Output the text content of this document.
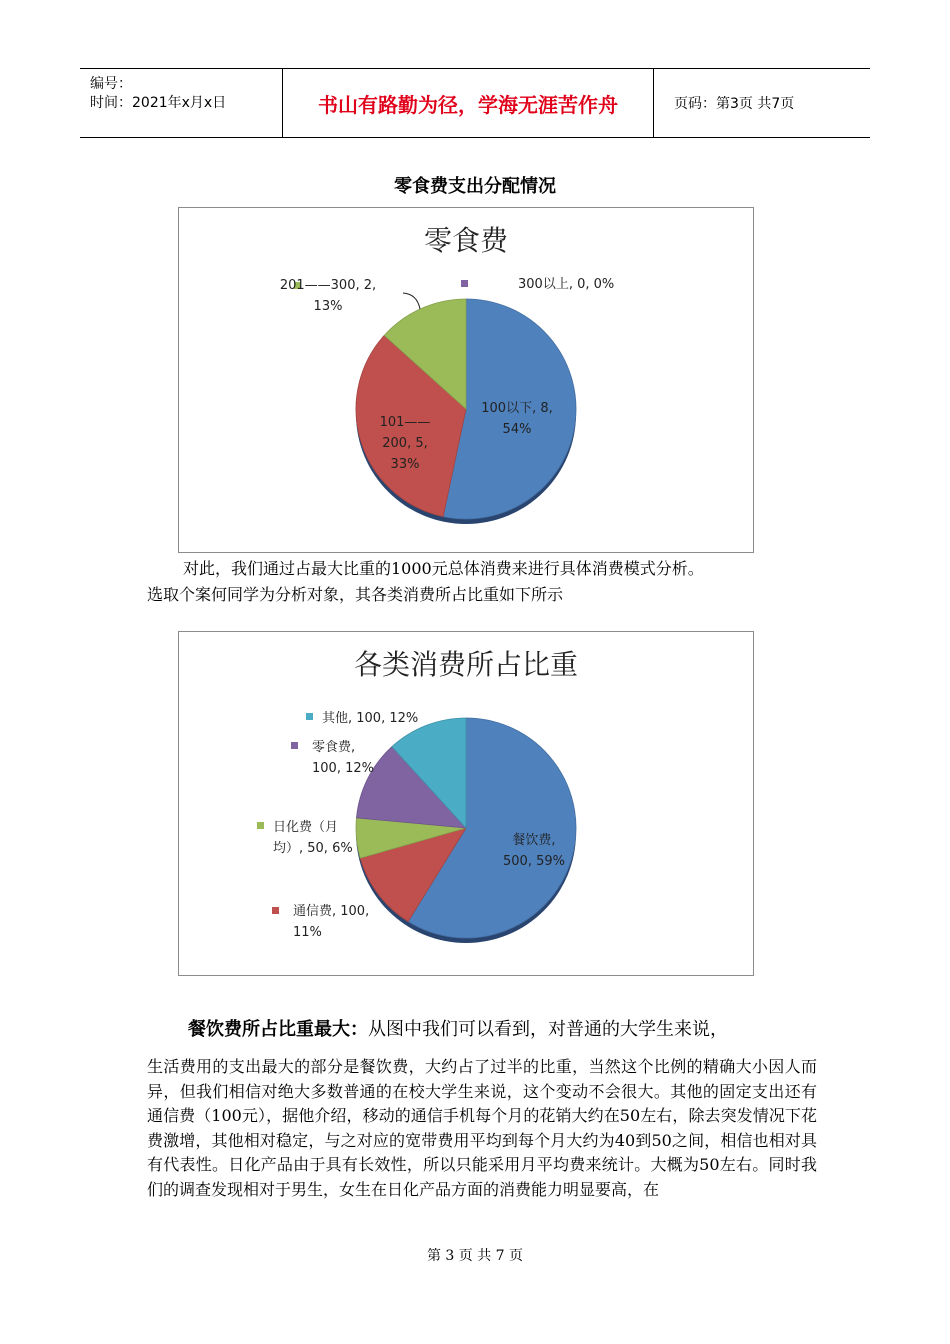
编号：
时间：2021年x月x日	书山有路勤为径，学海无涯苦作舟	页码：第3页 共7页
零食费支出分配情况
零食费
100以下, 8,
54%
101——
200, 5,
33%
201——300, 2,
13%
300以上, 0, 0%
对此，我们通过占最大比重的1000元总体消费来进行具体消费模式分析。
选取个案何同学为分析对象，其各类消费所占比重如下所示
各类消费所占比重
餐饮费,
500, 59%
通信费, 100,
11%
日化费（月
均）, 50, 6%
零食费,
100, 12%
其他, 100, 12%
餐饮费所占比重最大：从图中我们可以看到，对普通的大学生来说，
生活费用的支出最大的部分是餐饮费，大约占了过半的比重，当然这个比例的精确大小因人而异，但我们相信对绝大多数普通的在校大学生来说，这个变动不会很大。其他的固定支出还有通信费（100元），据他介绍，移动的通信手机每个月的花销大约在50左右，除去突发情况下花费激增，其他相对稳定，与之对应的宽带费用平均到每个月大约为40到50之间，相信也相对具有代表性。日化产品由于具有长效性，所以只能采用月平均费来统计。大概为50左右。同时我们的调查发现相对于男生，女生在日化产品方面的消费能力明显要高，在
第 3 页 共 7 页
